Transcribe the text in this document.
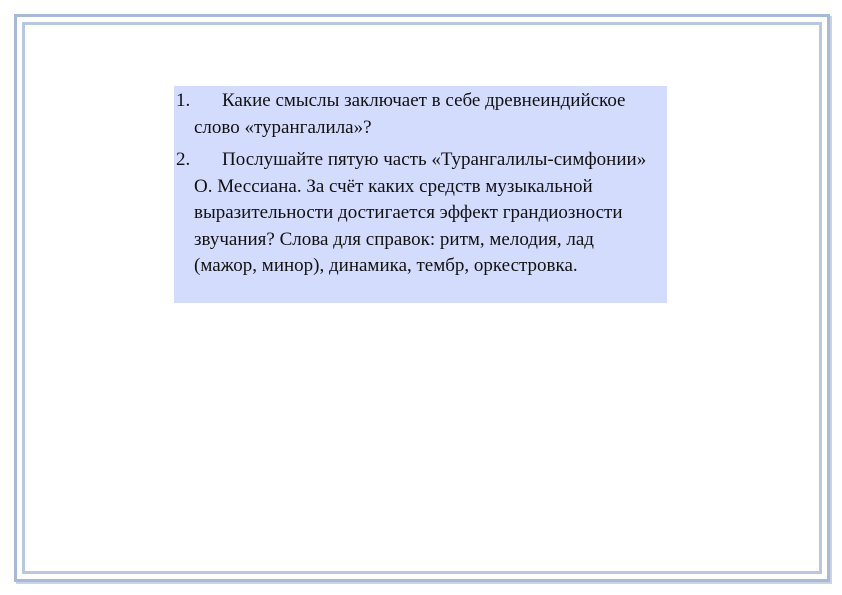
1. Какие смыслы заключает в себе древнеиндийское слово «турангалила»?
2. Послушайте пятую часть «Турангалилы-симфонии» О. Мессиана. За счёт каких средств музыкальной выразительности достигается эффект грандиозности звучания? Слова для справок: ритм, мелодия, лад (мажор, минор), динамика, тембр, оркестровка.
